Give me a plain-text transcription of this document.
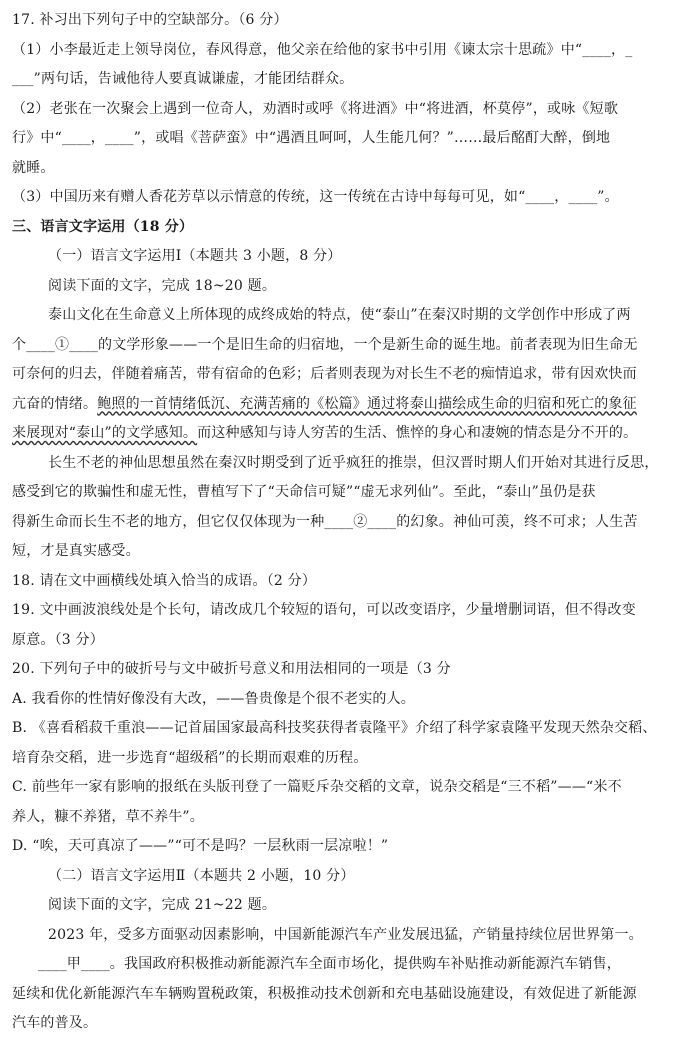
17. 补习出下列句子中的空缺部分。（6 分）
（1）小李最近走上领导岗位，春风得意，他父亲在给他的家书中引用《谏太宗十思疏》中“____，_
___”两句话，告诫他待人要真诚谦虚，才能团结群众。
（2）老张在一次聚会上遇到一位奇人，劝酒时或呼《将进酒》中“将进酒，杯莫停”，或咏《短歌
行》中“____，____”，或唱《菩萨蛮》中“遇酒且呵呵，人生能几何？”……最后酩酊大醉，倒地
就睡。
（3）中国历来有赠人香花芳草以示情意的传统，这一传统在古诗中每每可见，如“____，____”。
三、语言文字运用（18 分）
（一）语言文字运用Ⅰ（本题共 3 小题，8 分）
阅读下面的文字，完成 18~20 题。
泰山文化在生命意义上所体现的成终成始的特点，使“泰山”在秦汉时期的文学创作中形成了两
个____①____的文学形象——一个是旧生命的归宿地，一个是新生命的诞生地。前者表现为旧生命无
可奈何的归去，伴随着痛苦，带有宿命的色彩；后者则表现为对长生不老的痴情追求，带有因欢快而
亢奋的情绪。鲍照的一首情绪低沉、充满苦痛的《松篇》通过将泰山描绘成生命的归宿和死亡的象征
来展现对“泰山”的文学感知。而这种感知与诗人穷苦的生活、憔悴的身心和凄婉的情态是分不开的。
长生不老的神仙思想虽然在秦汉时期受到了近乎疯狂的推崇，但汉晋时期人们开始对其进行反思，
感受到它的欺骗性和虚无性，曹植写下了“天命信可疑”“虚无求列仙”。至此，“泰山”虽仍是获
得新生命而长生不老的地方，但它仅仅体现为一种____②____的幻象。神仙可羡，终不可求；人生苦
短，才是真实感受。
18. 请在文中画横线处填入恰当的成语。（2 分）
19. 文中画波浪线处是个长句，请改成几个较短的语句，可以改变语序，少量增删词语，但不得改变
原意。（3 分）
20. 下列句子中的破折号与文中破折号意义和用法相同的一项是（3 分
A. 我看你的性情好像没有大改，——鲁贵像是个很不老实的人。
B. 《喜看稻菽千重浪——记首届国家最高科技奖获得者袁隆平》介绍了科学家袁隆平发现天然杂交稻、
培育杂交稻，进一步选育“超级稻”的长期而艰难的历程。
C. 前些年一家有影响的报纸在头版刊登了一篇贬斥杂交稻的文章，说杂交稻是“三不稻”——“米不
养人，糠不养猪，草不养牛”。
D. “唉，天可真凉了——”“可不是吗？一层秋雨一层凉啦！”
（二）语言文字运用Ⅱ（本题共 2 小题，10 分）
阅读下面的文字，完成 21~22 题。
2023 年，受多方面驱动因素影响，中国新能源汽车产业发展迅猛，产销量持续位居世界第一。
____甲____。我国政府积极推动新能源汽车全面市场化，提供购车补贴推动新能源汽车销售，
延续和优化新能源汽车车辆购置税政策，积极推动技术创新和充电基础设施建设，有效促进了新能源
汽车的普及。
